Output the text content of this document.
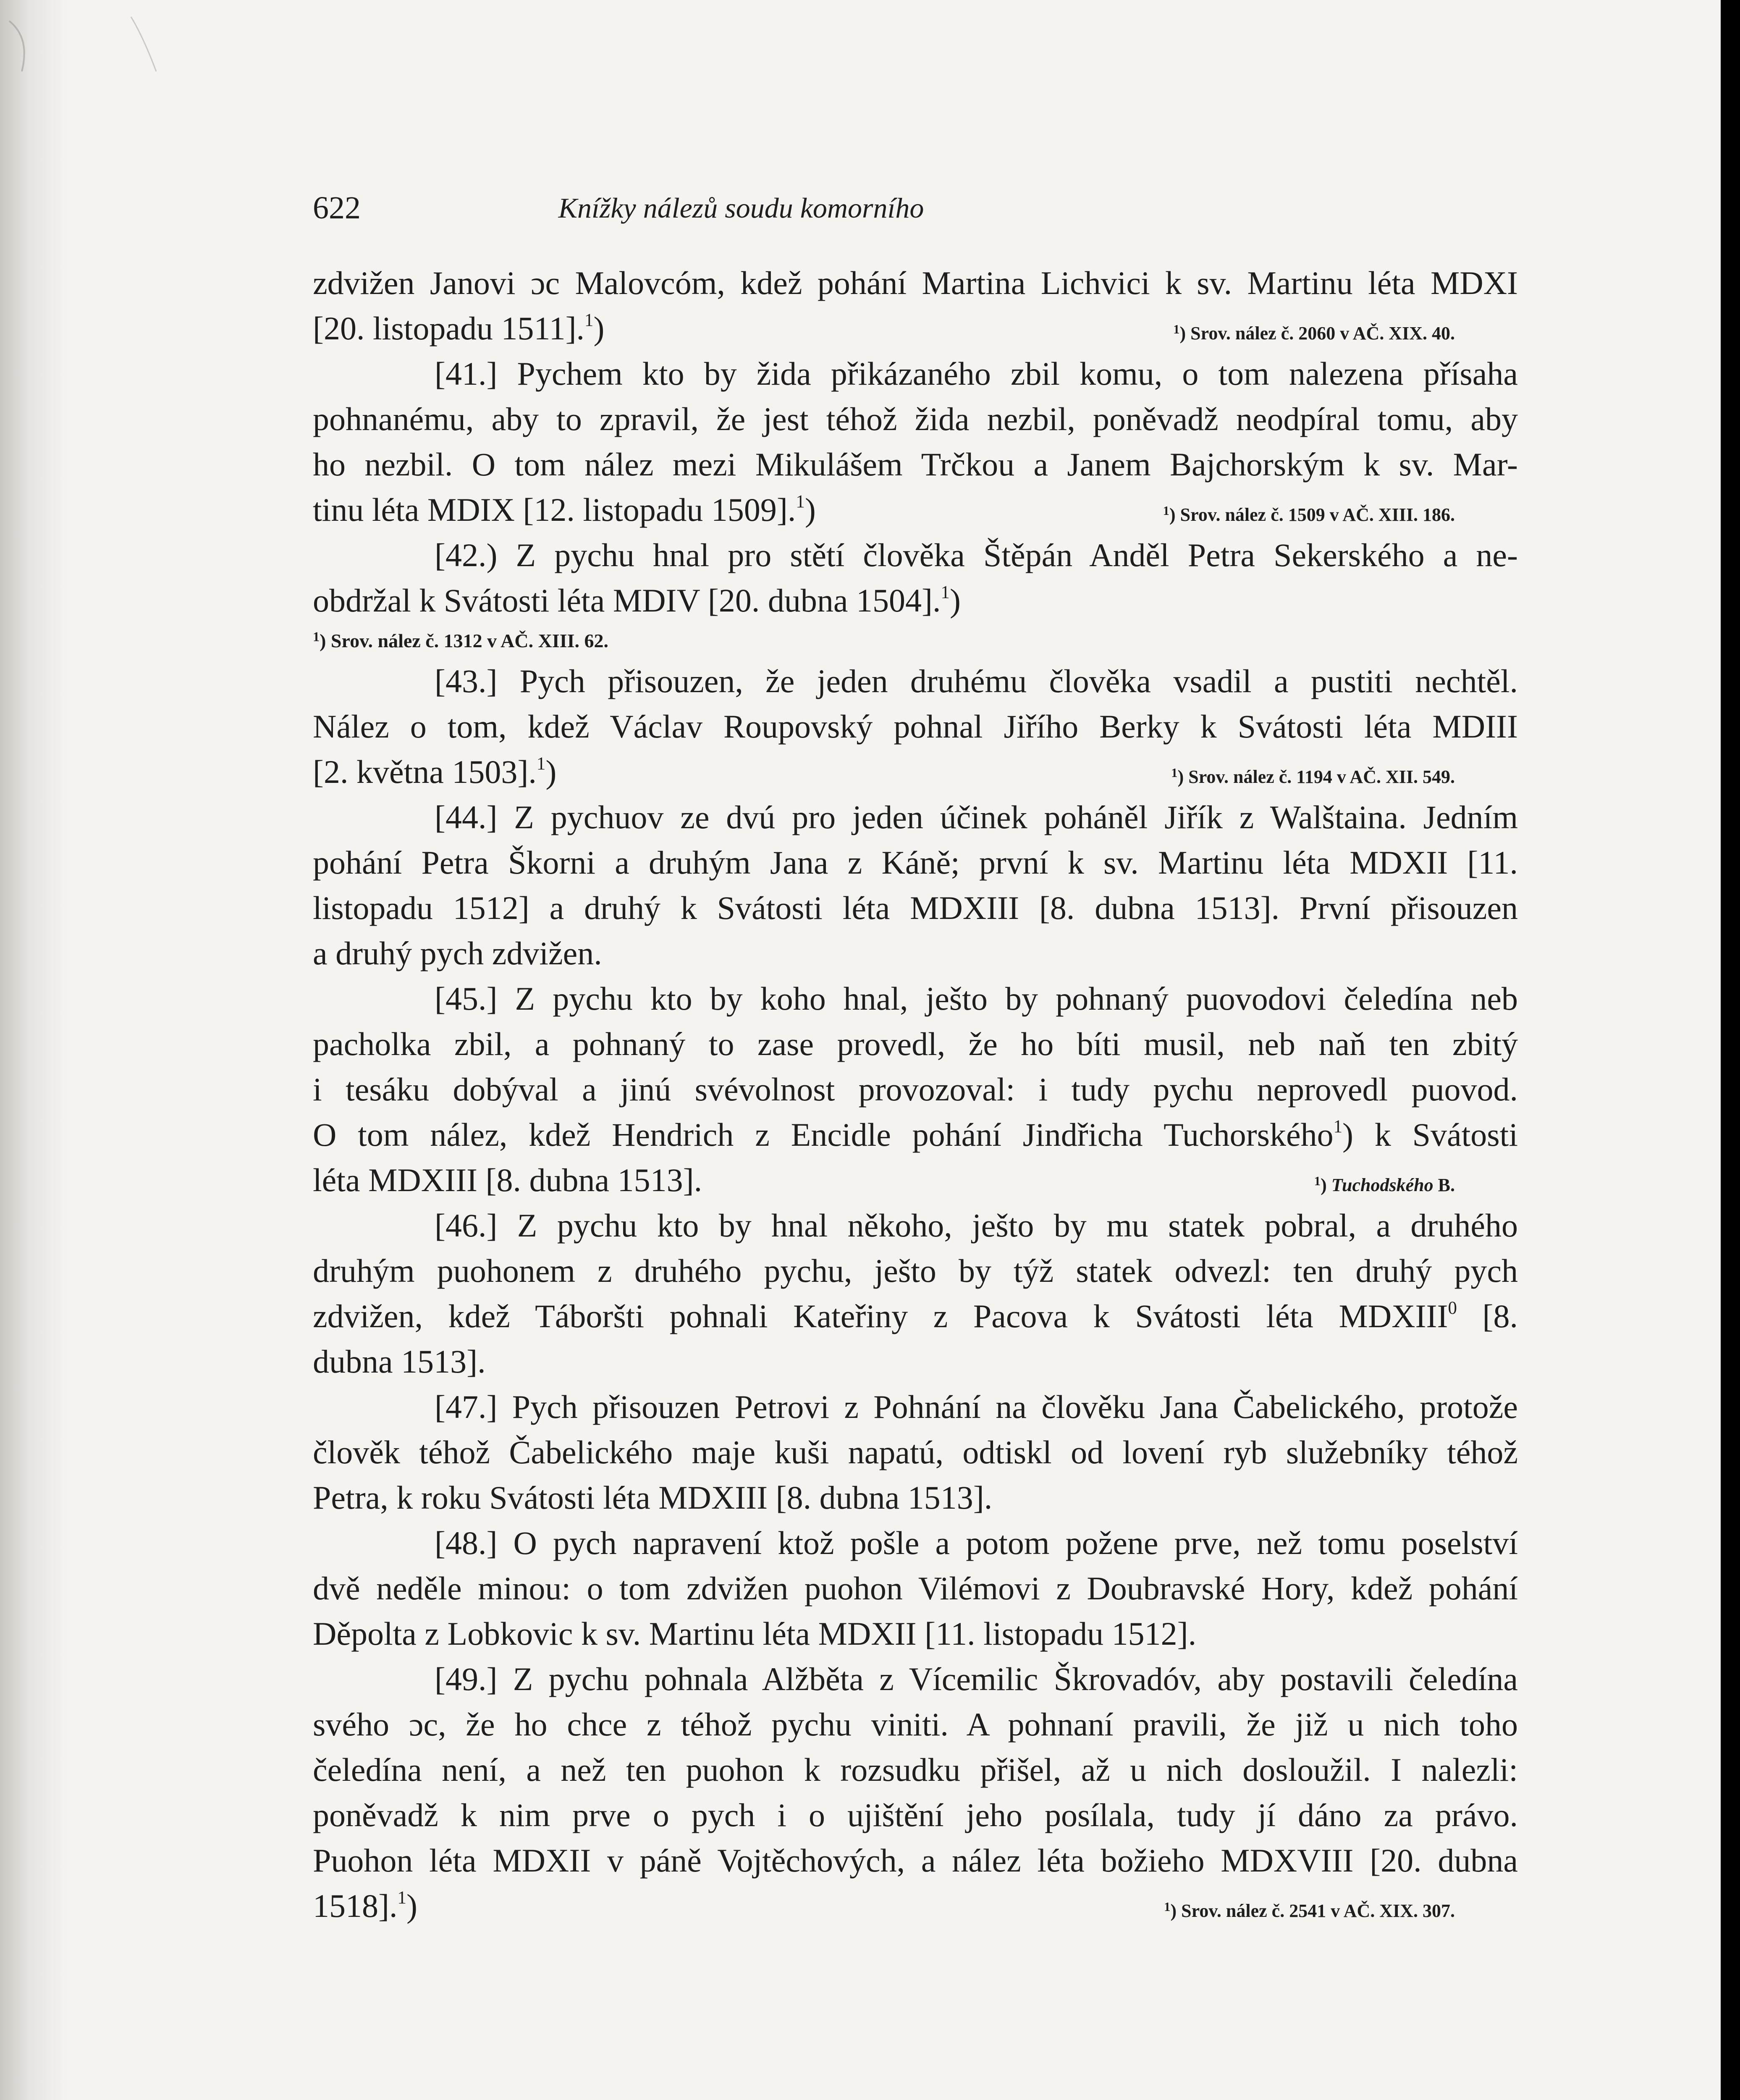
622	Knížky nálezů soudu komorního
zdvižen Janovi ɔc Malovcóm, kdež pohání Martina Lichvici k sv. Martinu léta MDXI
[20. listopadu 1511].$^1$)	$^1$) Srov. nález č. 2060 v AČ. XIX. 40.
[41.] Pychem kto by žida přikázaného zbil komu, o tom nalezena přísaha
pohnanému, aby to zpravil, že jest téhož žida nezbil, poněvadž neodpíral tomu, aby
ho nezbil. O tom nález mezi Mikulášem Trčkou a Janem Bajchorským k sv. Mar-
tinu léta MDIX [12. listopadu 1509].$^1$)	$^1$) Srov. nález č. 1509 v AČ. XIII. 186.
[42.) Z pychu hnal pro stětí člověka Štěpán Anděl Petra Sekerského a ne-
obdržal k Svátosti léta MDIV [20. dubna 1504].$^1$)
$^1$) Srov. nález č. 1312 v AČ. XIII. 62.
[43.] Pych přisouzen, že jeden druhému člověka vsadil a pustiti nechtěl.
Nález o tom, kdež Václav Roupovský pohnal Jiřího Berky k Svátosti léta MDIII
[2. května 1503].$^1$)	$^1$) Srov. nález č. 1194 v AČ. XII. 549.
[44.] Z pychuov ze dvú pro jeden účinek poháněl Jiřík z Walštaina. Jedním
pohání Petra Škorni a druhým Jana z Káně; první k sv. Martinu léta MDXII [11.
listopadu 1512] a druhý k Svátosti léta MDXIII [8. dubna 1513]. První přisouzen
a druhý pych zdvižen.
[45.] Z pychu kto by koho hnal, ješto by pohnaný puovodovi čeledína neb
pacholka zbil, a pohnaný to zase provedl, že ho bíti musil, neb naň ten zbitý
i tesáku dobýval a jinú svévolnost provozoval: i tudy pychu neprovedl puovod.
O tom nález, kdež Hendrich z Encidle pohání Jindřicha Tuchorského$^1$) k Svátosti
léta MDXIII [8. dubna 1513].	$^1$) Tuchodského B.
[46.] Z pychu kto by hnal někoho, ješto by mu statek pobral, a druhého
druhým puohonem z druhého pychu, ješto by týž statek odvezl: ten druhý pych
zdvižen, kdež Táboršti pohnali Kateřiny z Pacova k Svátosti léta MDXIII$^0$ [8.
dubna 1513].
[47.] Pych přisouzen Petrovi z Pohnání na člověku Jana Čabelického, protože
člověk téhož Čabelického maje kuši napatú, odtiskl od lovení ryb služebníky téhož
Petra, k roku Svátosti léta MDXIII [8. dubna 1513].
[48.] O pych napravení ktož pošle a potom požene prve, než tomu poselství
dvě neděle minou: o tom zdvižen puohon Vilémovi z Doubravské Hory, kdež pohání
Děpolta z Lobkovic k sv. Martinu léta MDXII [11. listopadu 1512].
[49.] Z pychu pohnala Alžběta z Vícemilic Škrovadóv, aby postavili čeledína
svého ɔc, že ho chce z téhož pychu viniti. A pohnaní pravili, že již u nich toho
čeledína není, a než ten puohon k rozsudku přišel, až u nich dosloužil. I nalezli:
poněvadž k nim prve o pych i o ujištění jeho posílala, tudy jí dáno za právo.
Puohon léta MDXII v páně Vojtěchových, a nález léta božieho MDXVIII [20. dubna
1518].$^1$)	$^1$) Srov. nález č. 2541 v AČ. XIX. 307.
